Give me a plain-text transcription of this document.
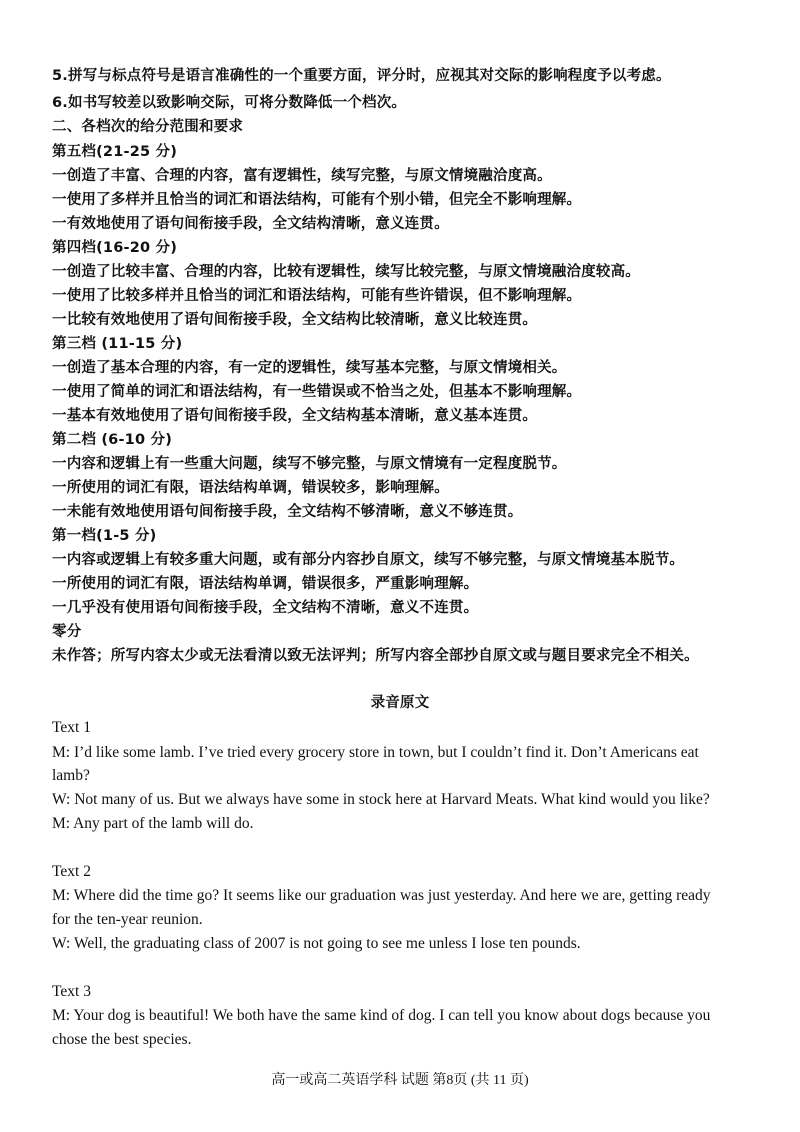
5.拼写与标点符号是语言准确性的一个重要方面，评分时，应视其对交际的影响程度予以考虑。
6.如书写较差以致影响交际，可将分数降低一个档次。
二、各档次的给分范围和要求
第五档(21-25 分)
一创造了丰富、合理的内容，富有逻辑性，续写完整，与原文情境融洽度高。
一使用了多样并且恰当的词汇和语法结构，可能有个别小错，但完全不影响理解。
一有效地使用了语句间衔接手段，全文结构清晰，意义连贯。
第四档(16-20 分)
一创造了比较丰富、合理的内容，比较有逻辑性，续写比较完整，与原文情境融洽度较高。
一使用了比较多样并且恰当的词汇和语法结构，可能有些许错误，但不影响理解。
一比较有效地使用了语句间衔接手段，全文结构比较清晰，意义比较连贯。
第三档 (11-15 分)
一创造了基本合理的内容，有一定的逻辑性，续写基本完整，与原文情境相关。
一使用了简单的词汇和语法结构，有一些错误或不恰当之处，但基本不影响理解。
一基本有效地使用了语句间衔接手段，全文结构基本清晰，意义基本连贯。
第二档 (6-10 分)
一内容和逻辑上有一些重大问题，续写不够完整，与原文情境有一定程度脱节。
一所使用的词汇有限，语法结构单调，错误较多，影响理解。
一未能有效地使用语句间衔接手段，全文结构不够清晰，意义不够连贯。
第一档(1-5 分)
一内容或逻辑上有较多重大问题，或有部分内容抄自原文，续写不够完整，与原文情境基本脱节。
一所使用的词汇有限，语法结构单调，错误很多，严重影响理解。
一几乎没有使用语句间衔接手段，全文结构不清晰，意义不连贯。
零分
未作答；所写内容太少或无法看清以致无法评判；所写内容全部抄自原文或与题目要求完全不相关。
录音原文
Text 1
M: I’d like some lamb. I’ve tried every grocery store in town, but I couldn’t find it. Don’t Americans eat
lamb?
W: Not many of us. But we always have some in stock here at Harvard Meats. What kind would you like?
M: Any part of the lamb will do.
Text 2
M: Where did the time go? It seems like our graduation was just yesterday. And here we are, getting ready
for the ten-year reunion.
W: Well, the graduating class of 2007 is not going to see me unless I lose ten pounds.
Text 3
M: Your dog is beautiful! We both have the same kind of dog. I can tell you know about dogs because you
chose the best species.
高一或高二英语学科 试题 第8页 (共 11 页)
